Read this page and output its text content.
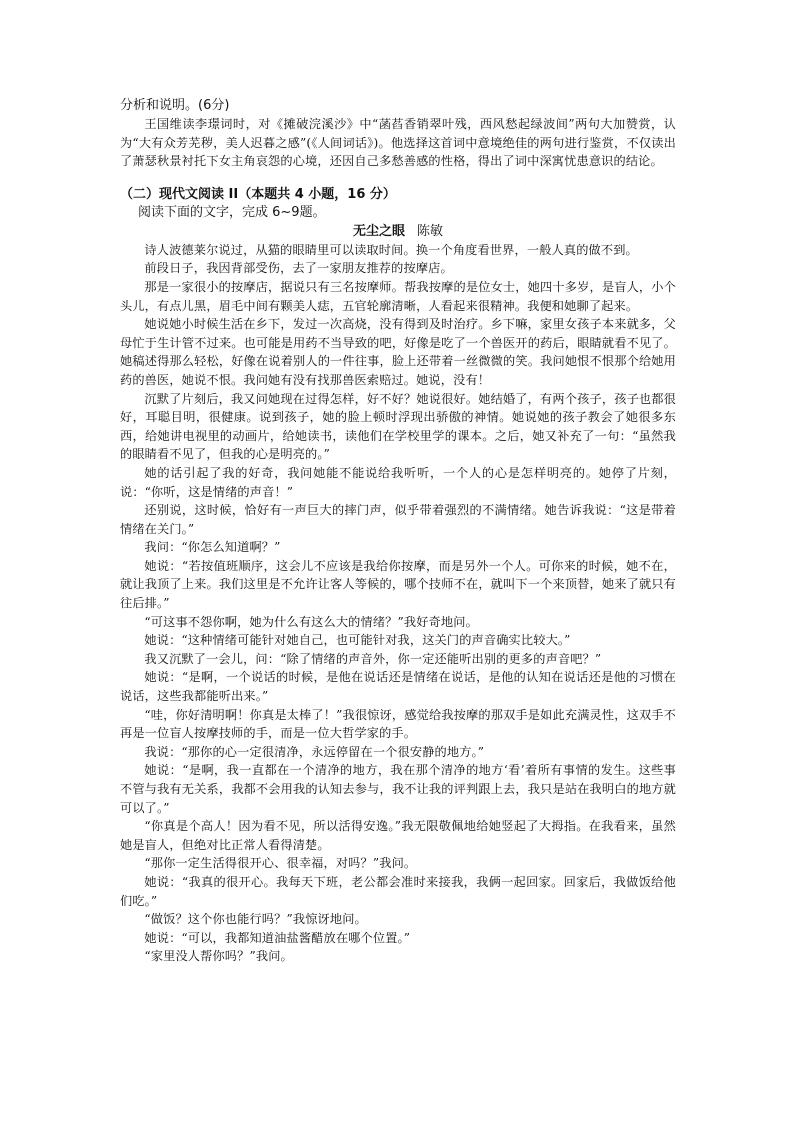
分析和说明。(6分)

王国维读李璟词时，对《摊破浣溪沙》中“菡萏香销翠叶残，西风愁起绿波间”两句大加赞赏，认为“大有众芳芜秽，美人迟暮之感”(《人间词话》)。他选择这首词中意境绝佳的两句进行鉴赏，不仅读出了萧瑟秋景衬托下女主角哀怨的心境，还因自己多愁善感的性格，得出了词中深寓忧患意识的结论。

（二）现代文阅读 II（本题共 4 小题，16 分）

阅读下面的文字，完成 6~9题。

无尘之眼 陈敏

诗人波德莱尔说过，从猫的眼睛里可以读取时间。换一个角度看世界，一般人真的做不到。

前段日子，我因背部受伤，去了一家朋友推荐的按摩店。

那是一家很小的按摩店，据说只有三名按摩师。帮我按摩的是位女士，她四十多岁，是盲人，小个头儿，有点儿黑，眉毛中间有颗美人痣，五官轮廓清晰，人看起来很精神。我便和她聊了起来。

她说她小时候生活在乡下，发过一次高烧，没有得到及时治疗。乡下嘛，家里女孩子本来就多，父母忙于生计管不过来。也可能是用药不当导致的吧，好像是吃了一个兽医开的药后，眼睛就看不见了。她稿述得那么轻松，好像在说着别人的一件往事，脸上还带着一丝微微的笑。我问她恨不恨那个给她用药的兽医，她说不恨。我问她有没有找那兽医索赔过。她说，没有！

沉默了片刻后，我又问她现在过得怎样，好不好？她说很好。她结婚了，有两个孩子，孩子也都很好，耳聪目明，很健康。说到孩子，她的脸上顿时浮现出骄傲的神情。她说她的孩子教会了她很多东西，给她讲电视里的动画片，给她读书，读他们在学校里学的课本。之后，她又补充了一句：“虽然我的眼睛看不见了，但我的心是明亮的。”

她的话引起了我的好奇，我问她能不能说给我听听，一个人的心是怎样明亮的。她停了片刻，说：“你听，这是情绪的声音！”

还别说，这时候，恰好有一声巨大的摔门声，似乎带着强烈的不满情绪。她告诉我说：“这是带着情绪在关门。”

我问：“你怎么知道啊？”

她说：“若按值班顺序，这会儿不应该是我给你按摩，而是另外一个人。可你来的时候，她不在，就让我顶了上来。我们这里是不允许让客人等候的，哪个技师不在，就叫下一个来顶替，她来了就只有往后排。”

“可这事不怨你啊，她为什么有这么大的情绪？”我好奇地问。

她说：“这种情绪可能针对她自己，也可能针对我，这关门的声音确实比较大。”

我又沉默了一会儿，问：“除了情绪的声音外，你一定还能听出别的更多的声音吧？”

她说：“是啊，一个说话的时候，是他在说话还是情绪在说话，是他的认知在说话还是他的习惯在说话，这些我都能听出来。”

“哇，你好清明啊！你真是太棒了！”我很惊讶，感觉给我按摩的那双手是如此充满灵性，这双手不再是一位盲人按摩技师的手，而是一位大哲学家的手。

我说：“那你的心一定很清净，永远停留在一个很安静的地方。”

她说：“是啊，我一直都在一个清净的地方，我在那个清净的地方‘看’着所有事情的发生。这些事不管与我有无关系，我都不会用我的认知去参与，我不让我的评判跟上去，我只是站在我明白的地方就可以了。”

“你真是个高人！因为看不见，所以活得安逸。”我无限敬佩地给她竖起了大拇指。在我看来，虽然她是盲人，但绝对比正常人看得清楚。

“那你一定生活得很开心、很幸福，对吗？”我问。

她说：“我真的很开心。我每天下班，老公都会准时来接我，我俩一起回家。回家后，我做饭给他们吃。”

“做饭？这个你也能行吗？”我惊讶地问。

她说：“可以，我都知道油盐酱醋放在哪个位置。”

“家里没人帮你吗？”我问。
